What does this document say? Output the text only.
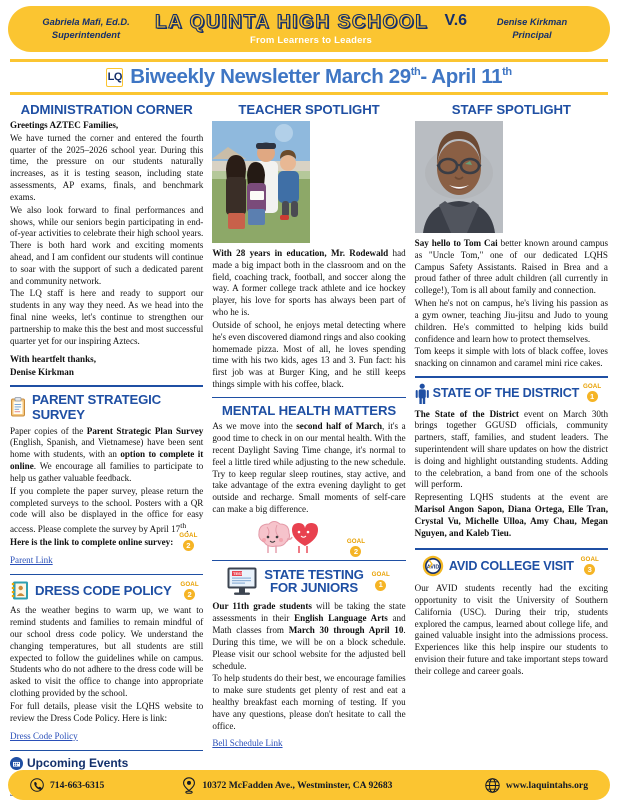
Gabriela Mafi, Ed.D.
Superintendent
LA QUINTA HIGH SCHOOL V.6
From Learners to Leaders
Denise Kirkman
Principal
LQ Biweekly Newsletter March 29th- April 11th
ADMINISTRATION CORNER

Greetings AZTEC Families,

We have turned the corner and entered the fourth quarter of the 2025–2026 school year. During this time, the pressure on our students naturally increases, as it is testing season, including state assessments, AP exams, finals, and benchmark exams.

We also look forward to final performances and shows, while our seniors begin participating in end-of-year activities to celebrate their high school years. There is both hard work and exciting moments ahead, and I am confident our students will continue to soar with the support of such a dedicated parent and community network.

The LQ staff is here and ready to support our students in any way they need. As we head into the final nine weeks, let's continue to strengthen our partnership to make this the best and most successful quarter yet for our inspiring Aztecs.

With heartfelt thanks,

Denise Kirkman

PARENT STRATEGIC SURVEY

Paper copies of the Parent Strategic Plan Survey (English, Spanish, and Vietnamese) have been sent home with students, with an option to complete it online. We encourage all families to participate to help us gather valuable feedback.

If you complete the paper survey, please return the completed surveys to the school. Posters with a QR code will also be displayed in the office for easy access. Please complete the survey by April 17th.

Here is the link to complete online survey:

Parent Link
GOAL
2
DRESS CODE POLICY GOAL
2

As the weather begins to warm up, we want to remind students and families to remain mindful of our school dress code policy. We understand the changing temperatures, but all students are still expected to follow the guidelines while on campus. Students who do not adhere to the dress code will be asked to visit the office to change into appropriate clothing provided by the school.

For full details, please visit the LQHS website to review the Dress Code Policy. Here is link:

Dress Code Policy
Upcoming Events
TEACHER SPOTLIGHT

With 28 years in education, Mr. Rodewald had made a big impact both in the classroom and on the field, coaching track, football, and soccer along the way. A former college track athlete and ice hockey player, his love for sports has always been part of who he is.

Outside of school, he enjoys metal detecting where he's even discovered diamond rings and also cooking homemade pizza. Most of all, he loves spending time with his two kids, ages 13 and 3. Fun fact: his first job was at Burger King, and he still keeps things simple with his coffee, black.

MENTAL HEALTH MATTERS

As we move into the second half of March, it's a good time to check in on our mental health. With the recent Daylight Saving Time change, it's normal to feel a little tired while adjusting to the new schedule. Try to keep regular sleep routines, stay active, and take advantage of the extra evening daylight to get outside and recharge. Small moments of self-care can make a big difference.

GOAL
2
TEST STATE TESTING
FOR JUNIORS
GOAL
1

Our 11th grade students will be taking the state assessments in their English Language Arts and Math classes from March 30 through April 10. During this time, we will be on a block schedule. Please visit our school website for the adjusted bell schedule.

To help students do their best, we encourage families to make sure students get plenty of rest and eat a healthy breakfast each morning of testing. If you have any questions, please don't hesitate to call the office.

Bell Schedule Link
STAFF SPOTLIGHT

Say hello to Tom Cai better known around campus as "Uncle Tom," one of our dedicated LQHS Campus Safety Assistants. Raised in Brea and a proud father of three adult children (all currently in college!), Tom is all about family and connection.

When he's not on campus, he's living his passion as a gym owner, teaching Jiu-jitsu and Judo to young children. He's committed to helping kids build confidence and learn how to protect themselves.

Tom keeps it simple with lots of black coffee, loves snacking on cinnamon and caramel mini rice cakes.

STATE OF THE DISTRICT GOAL
1

The State of the District event on March 30th brings together GGUSD officials, community partners, staff, families, and student leaders. The superintendent will share updates on how the district is doing and highlight outstanding students. Adding to the celebration, a band from one of the schools will perform.

Representing LQHS students at the event are Marisol Angon Sapon, Diana Ortega, Elle Tran, Crystal Vu, Michelle Ulloa, Amy Chau, Megan Nguyen, and Kaleb Tieu.

AVID AVID COLLEGE VISIT GOAL
3

Our AVID students recently had the exciting opportunity to visit the University of Southern California (USC). During their trip, students explored the campus, learned about college life, and gained valuable insight into the admissions process. Experiences like this help inspire our students to envision their future and take important steps toward their college and career goals.

714-663-6315	10372 McFadden Ave., Westminster, CA 92683	www.laquintahs.org
